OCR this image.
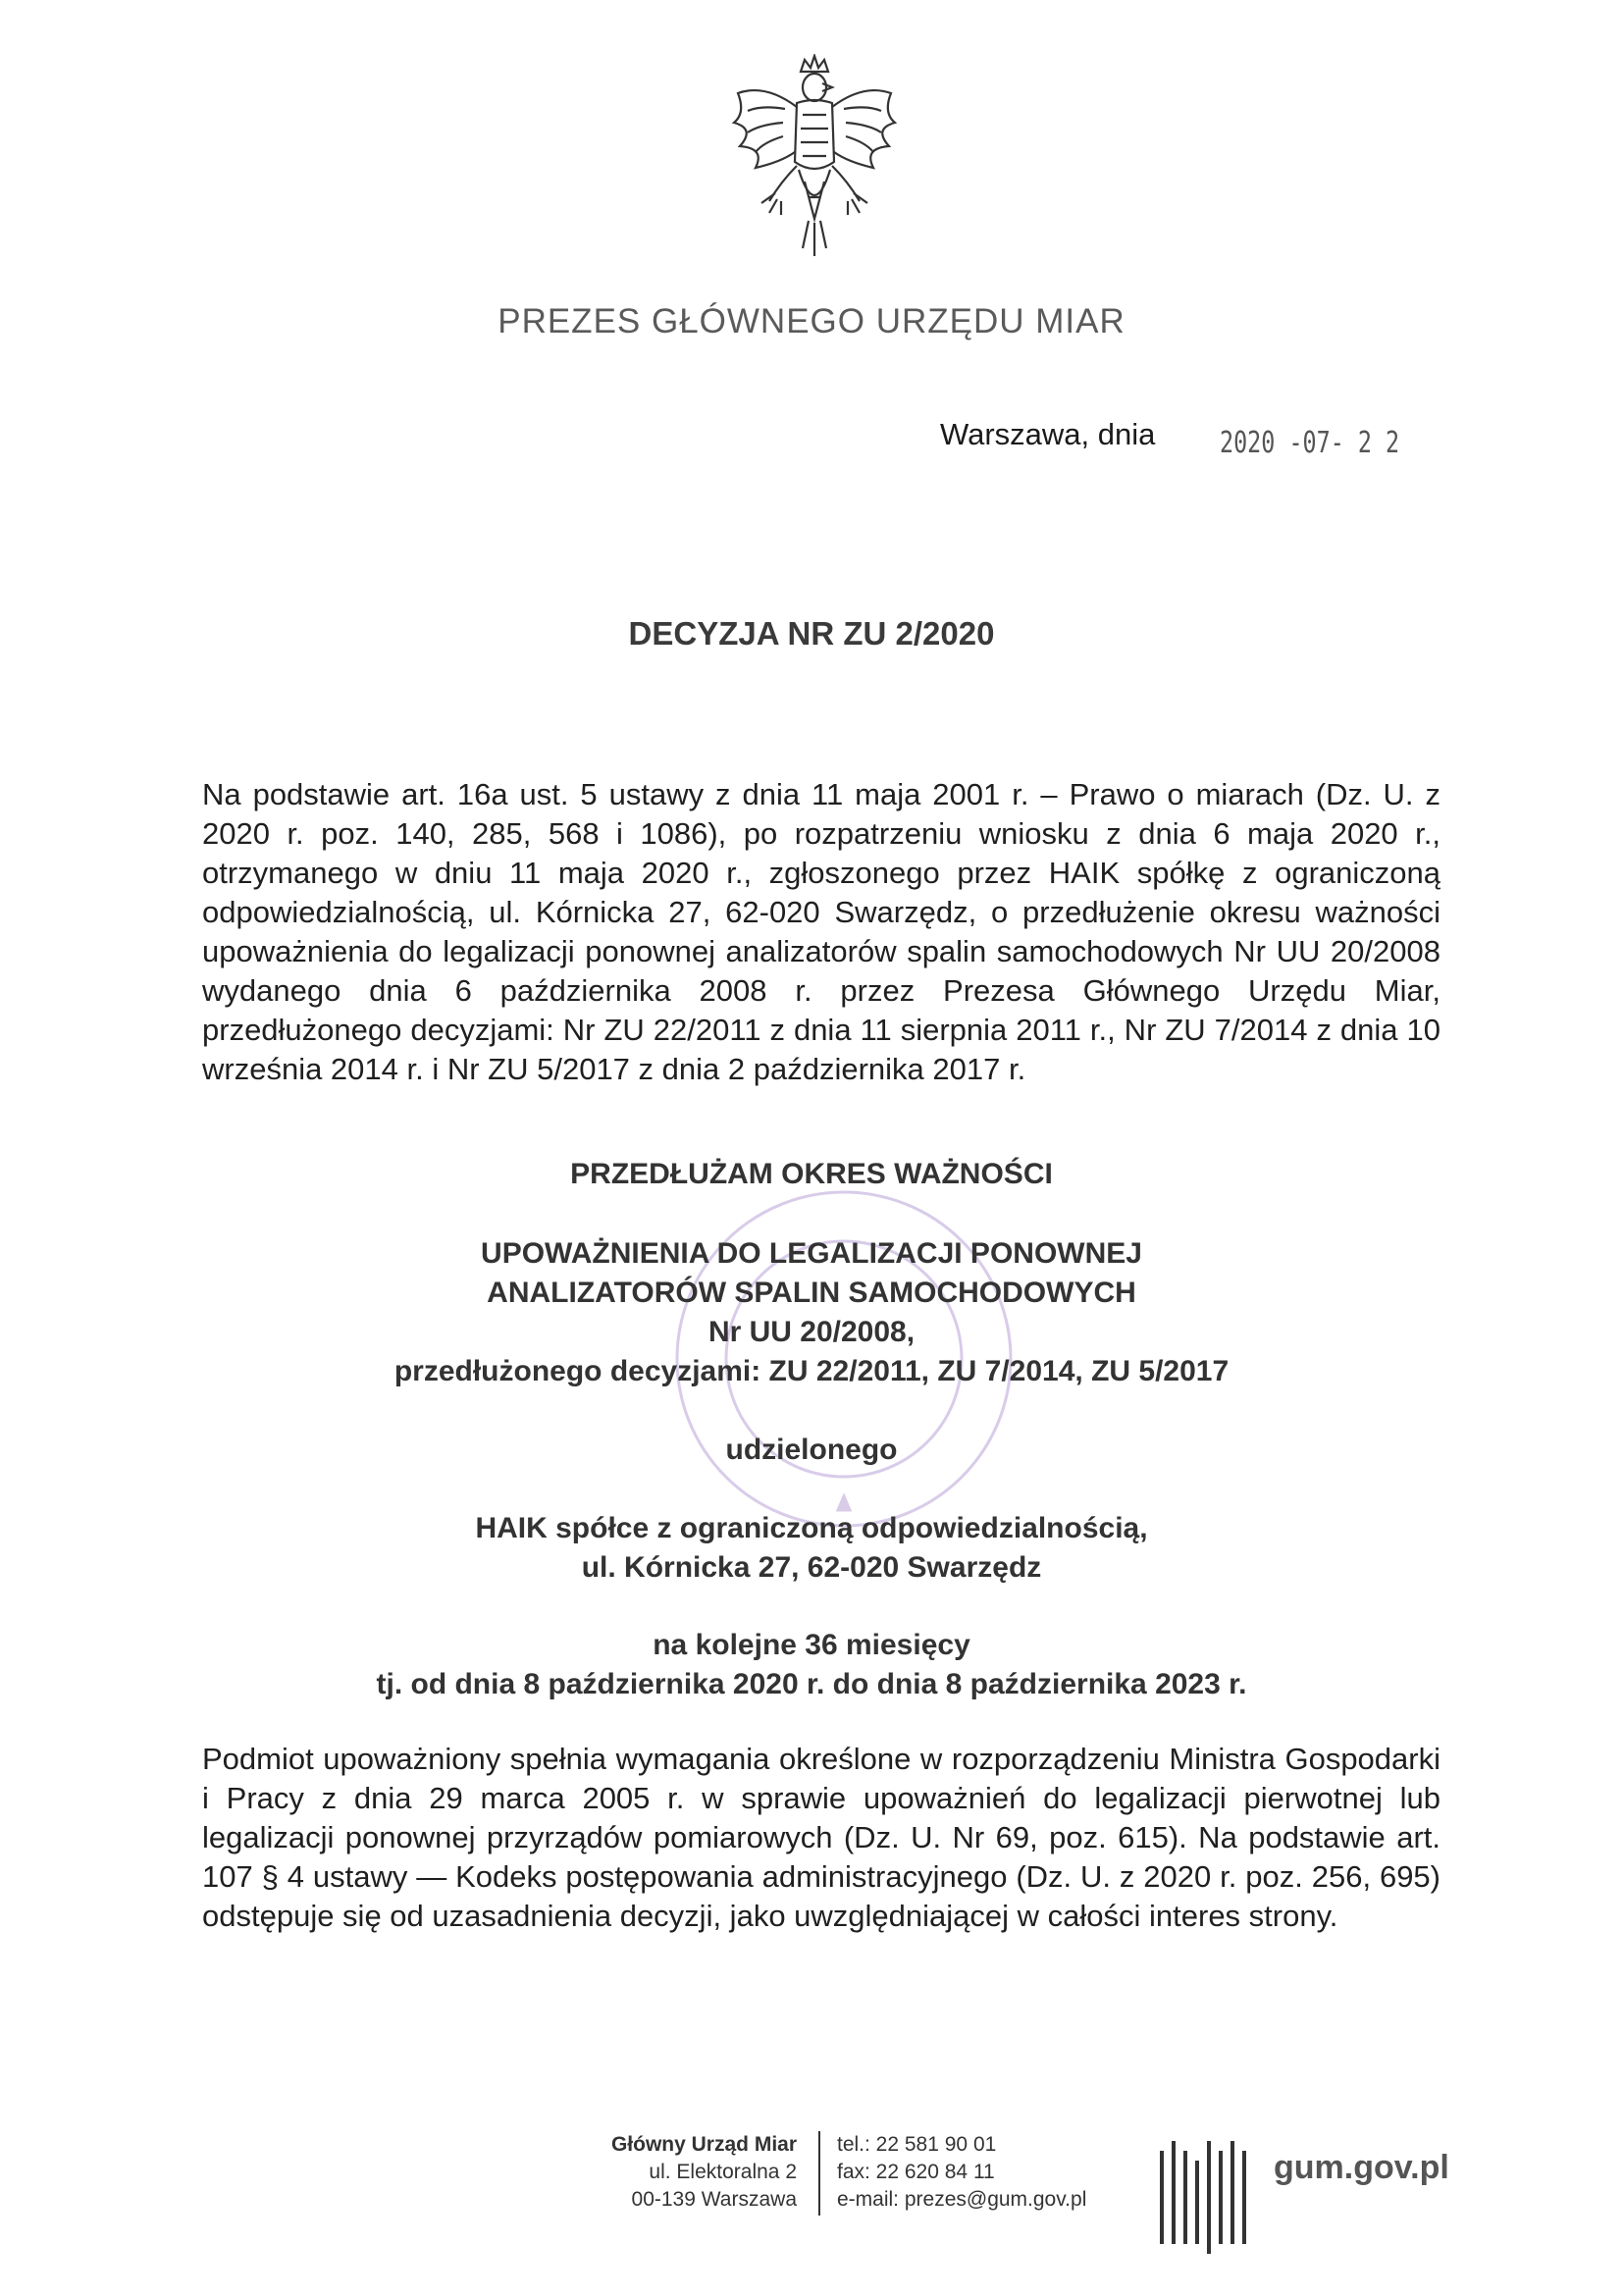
PREZES GŁÓWNEGO URZĘDU MIAR
Warszawa, dnia 2020 -07- 2 2
DECYZJA NR ZU 2/2020
Na podstawie art. 16a ust. 5 ustawy z dnia 11 maja 2001 r. – Prawo o miarach (Dz. U. z 2020 r. poz. 140, 285, 568 i 1086), po rozpatrzeniu wniosku z dnia 6 maja 2020 r., otrzymanego w dniu 11 maja 2020 r., zgłoszonego przez HAIK spółkę z ograniczoną odpowiedzialnością, ul. Kórnicka 27, 62-020 Swarzędz, o przedłużenie okresu ważności upoważnienia do legalizacji ponownej analizatorów spalin samochodowych Nr UU 20/2008 wydanego dnia 6 października 2008 r. przez Prezesa Głównego Urzędu Miar, przedłużonego decyzjami: Nr ZU 22/2011 z dnia 11 sierpnia 2011 r., Nr ZU 7/2014 z dnia 10 września 2014 r. i Nr ZU 5/2017 z dnia 2 października 2017 r.
PRZEDŁUŻAM OKRES WAŻNOŚCI
UPOWAŻNIENIA DO LEGALIZACJI PONOWNEJ
ANALIZATORÓW SPALIN SAMOCHODOWYCH
Nr UU 20/2008,
przedłużonego decyzjami: ZU 22/2011, ZU 7/2014, ZU 5/2017
udzielonego
HAIK spółce z ograniczoną odpowiedzialnością,
ul. Kórnicka 27, 62-020 Swarzędz
na kolejne 36 miesięcy
tj. od dnia 8 października 2020 r. do dnia 8 października 2023 r.
Podmiot upoważniony spełnia wymagania określone w rozporządzeniu Ministra Gospodarki i Pracy z dnia 29 marca 2005 r. w sprawie upoważnień do legalizacji pierwotnej lub legalizacji ponownej przyrządów pomiarowych (Dz. U. Nr 69, poz. 615). Na podstawie art. 107 § 4 ustawy — Kodeks postępowania administracyjnego (Dz. U. z 2020 r. poz. 256, 695) odstępuje się od uzasadnienia decyzji, jako uwzględniającej w całości interes strony.
Główny Urząd Miar
ul. Elektoralna 2
00-139 Warszawa
tel.: 22 581 90 01
fax: 22 620 84 11
e-mail: prezes@gum.gov.pl
gum.gov.pl
